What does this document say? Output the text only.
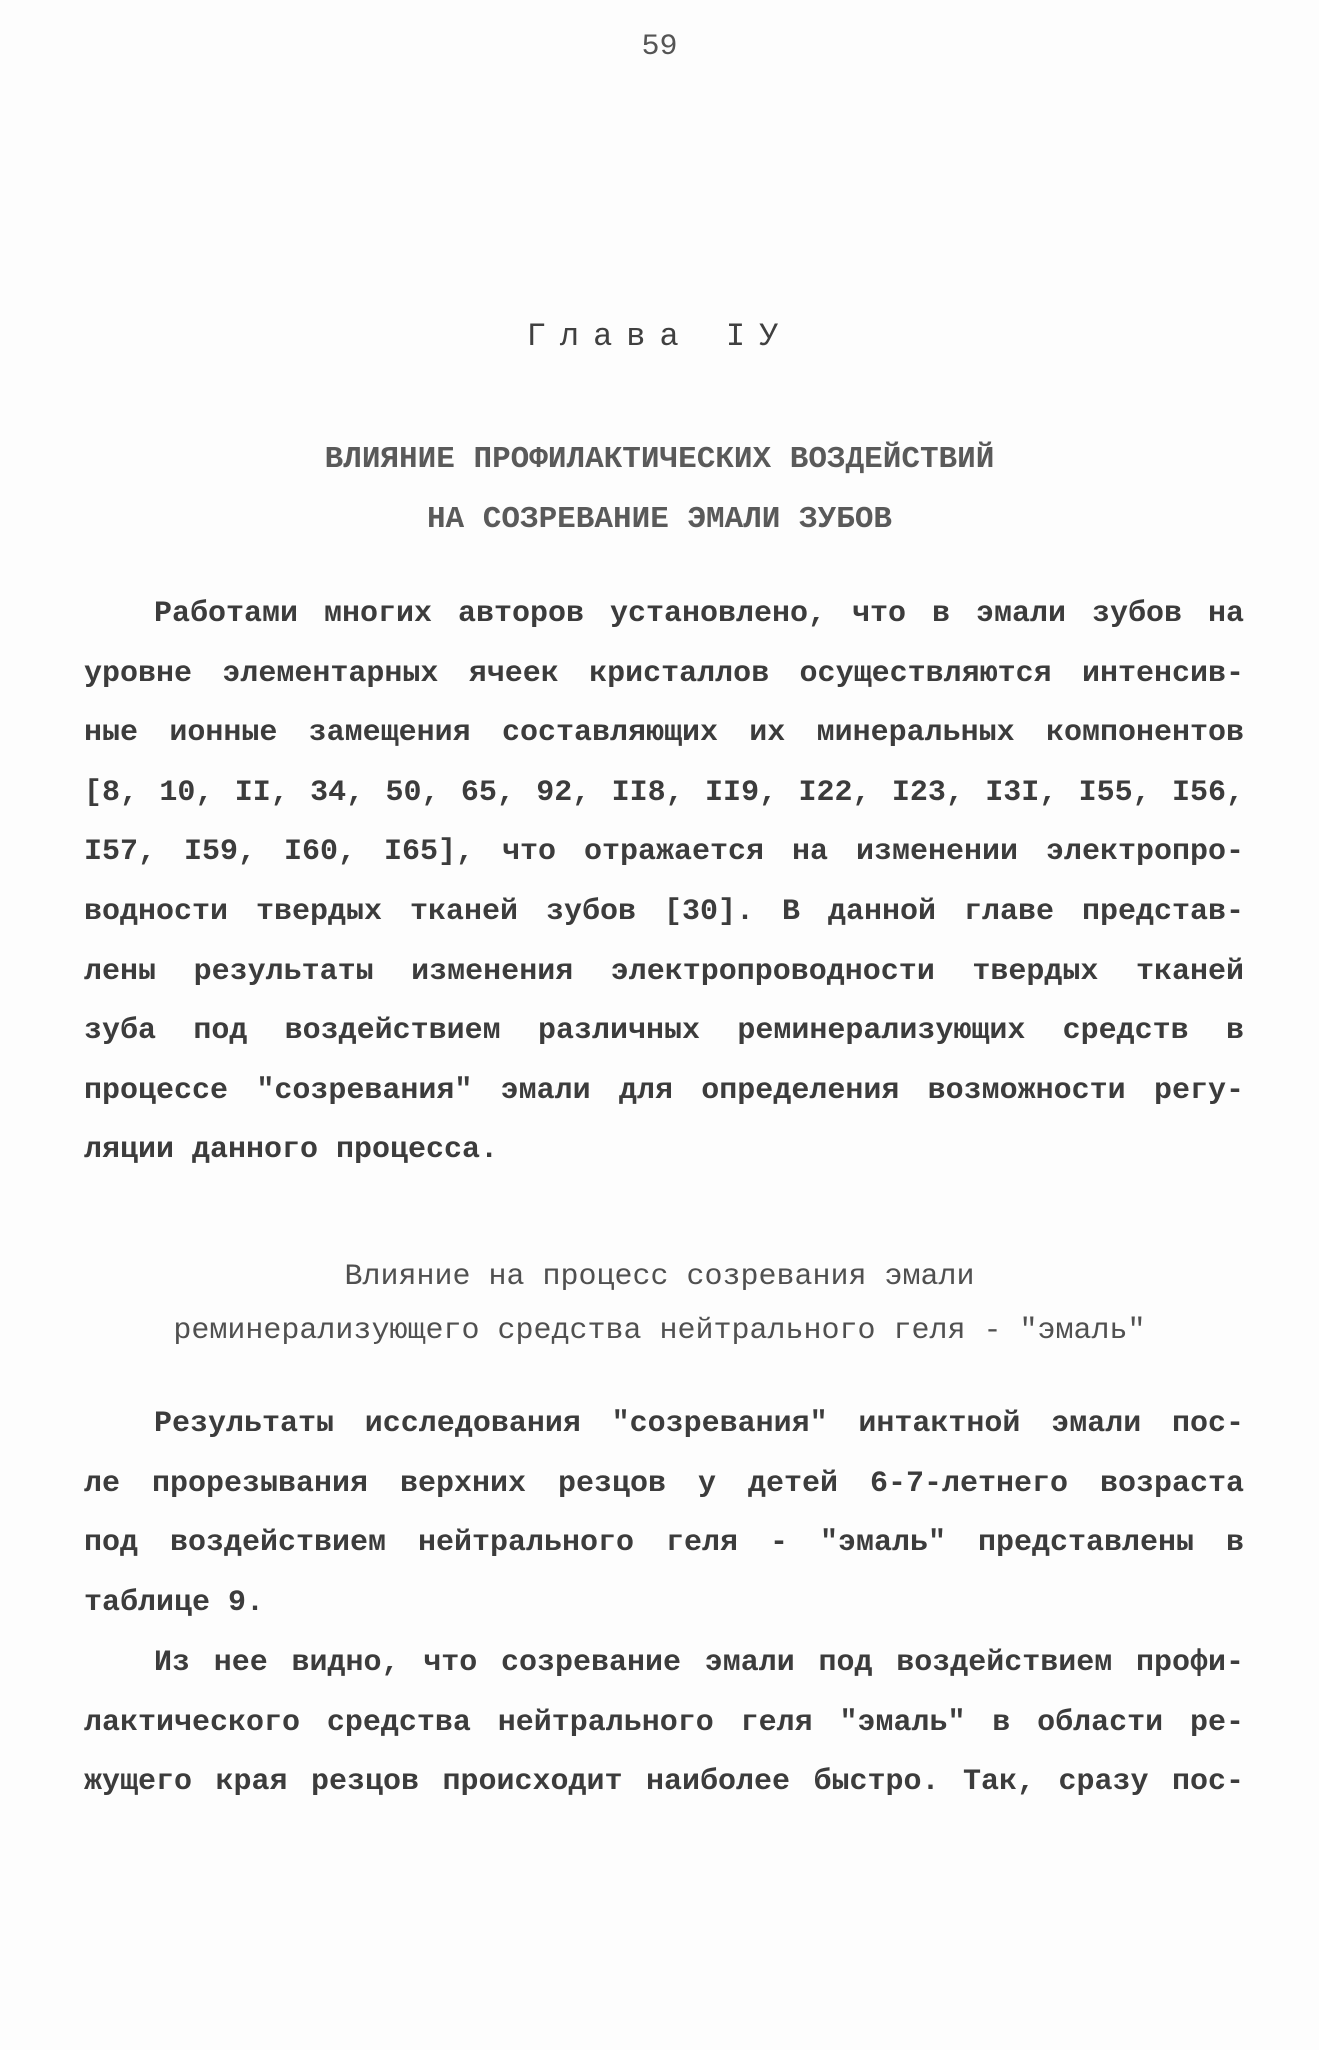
59
Глава IУ
ВЛИЯНИЕ ПРОФИЛАКТИЧЕСКИХ ВОЗДЕЙСТВИЙ
НА СОЗРЕВАНИЕ ЭМАЛИ ЗУБОВ
Работами многих авторов установлено, что в эмали зубов на
уровне элементарных ячеек кристаллов осуществляются интенсив-
ные ионные замещения составляющих их минеральных компонентов
[8, 10, II, 34, 50, 65, 92, II8, II9, I22, I23, I3I, I55, I56,
I57, I59, I60, I65], что отражается на изменении электропро-
водности твердых тканей зубов [30]. В данной главе представ-
лены результаты изменения электропроводности твердых тканей
зуба под воздействием различных реминерализующих средств в
процессе "созревания" эмали для определения возможности регу-
ляции данного процесса.
Влияние на процесс созревания эмали
реминерализующего средства нейтрального геля - "эмаль"
Результаты исследования "созревания" интактной эмали пос-
ле прорезывания верхних резцов у детей 6-7-летнего возраста
под воздействием нейтрального геля - "эмаль" представлены в
таблице 9.
Из нее видно, что созревание эмали под воздействием профи-
лактического средства нейтрального геля "эмаль" в области ре-
жущего края резцов происходит наиболее быстро. Так, сразу пос-
